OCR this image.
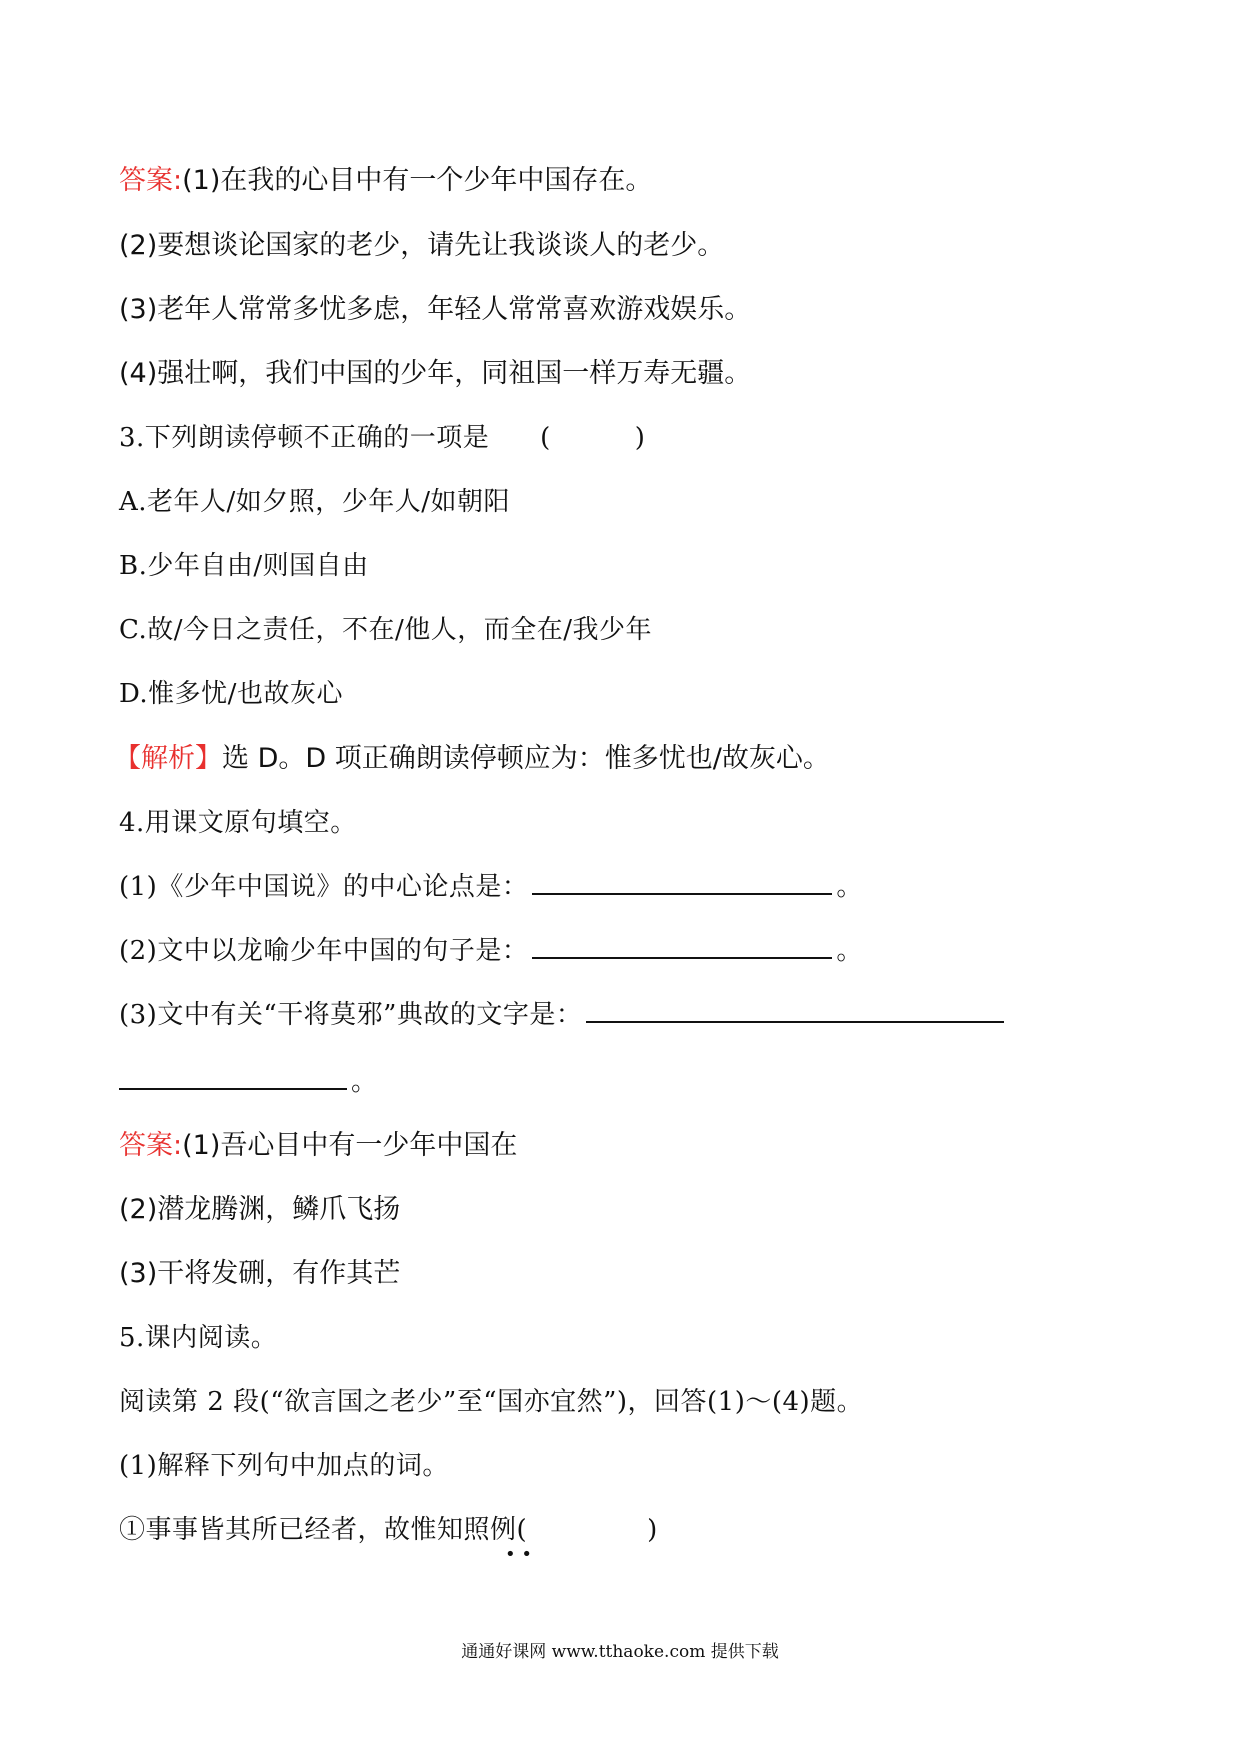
答案:(1)在我的心目中有一个少年中国存在。
(2)要想谈论国家的老少，请先让我谈谈人的老少。
(3)老年人常常多忧多虑，年轻人常常喜欢游戏娱乐。
(4)强壮啊，我们中国的少年，同祖国一样万寿无疆。
3.下列朗读停顿不正确的一项是 (	)
A.老年人/如夕照，少年人/如朝阳
B.少年自由/则国自由
C.故/今日之责任，不在/他人，而全在/我少年
D.惟多忧/也故灰心
【解析】选 D。D 项正确朗读停顿应为：惟多忧也/故灰心。
4.用课文原句填空。
(1)《少年中国说》的中心论点是：	。
(2)文中以龙喻少年中国的句子是：	。
(3)文中有关“干将莫邪”典故的文字是：
。
答案:(1)吾心目中有一少年中国在
(2)潜龙腾渊，鳞爪飞扬
(3)干将发硎，有作其芒
5.课内阅读。
阅读第 2 段(“欲言国之老少”至“国亦宜然”)，回答(1)～(4)题。
(1)解释下列句中加点的词。
①事事皆其所已经者，故惟知照例(	)
• •
通通好课网 www.tthaoke.com 提供下载
